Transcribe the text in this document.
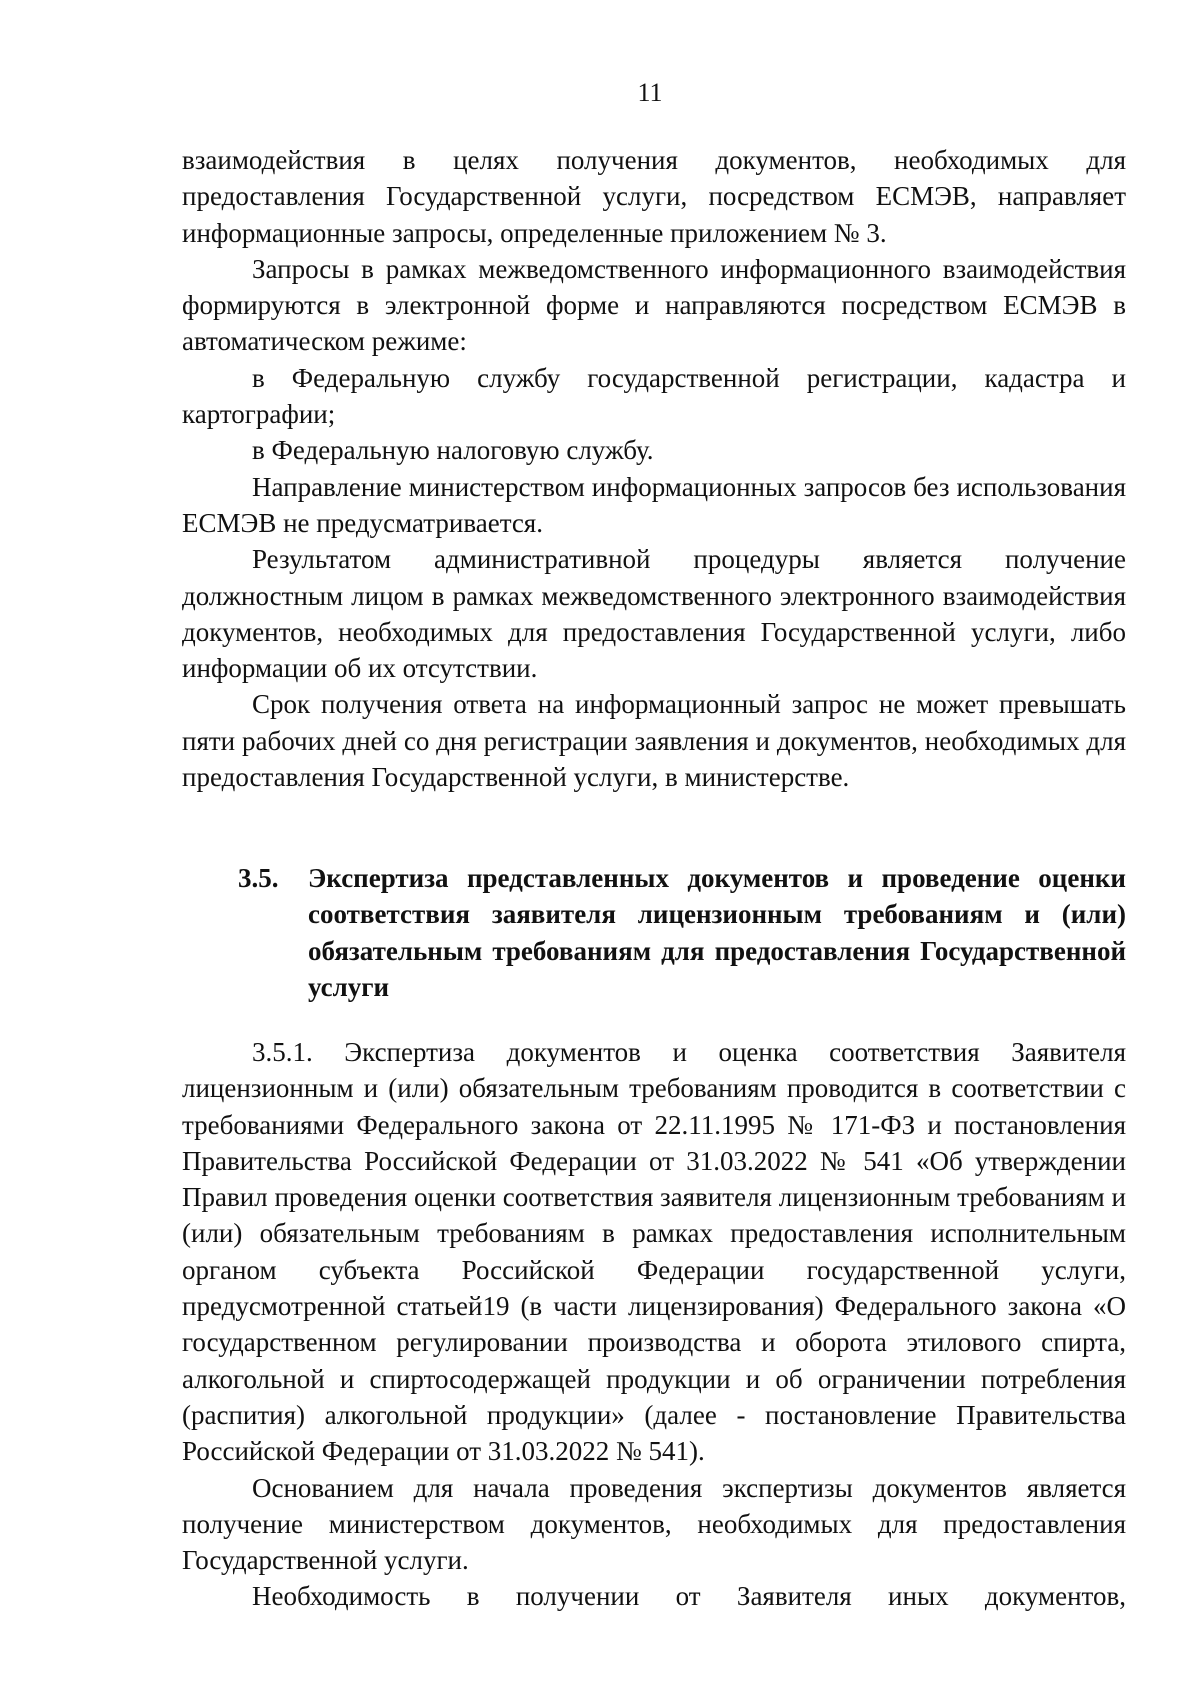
11

взаимодействия в целях получения документов, необходимых для предоставления Государственной услуги, посредством ЕСМЭВ, направляет информационные запросы, определенные приложением № 3.

Запросы в рамках межведомственного информационного взаимодействия формируются в электронной форме и направляются посредством ЕСМЭВ в автоматическом режиме:

в Федеральную службу государственной регистрации, кадастра и картографии;

в Федеральную налоговую службу.

Направление министерством информационных запросов без использования ЕСМЭВ не предусматривается.

Результатом административной процедуры является получение должностным лицом в рамках межведомственного электронного взаимодействия документов, необходимых для предоставления Государственной услуги, либо информации об их отсутствии.

Срок получения ответа на информационный запрос не может превышать пяти рабочих дней со дня регистрации заявления и документов, необходимых для предоставления Государственной услуги, в министерстве.

3.5.	Экспертиза представленных документов и проведение оценки соответствия заявителя лицензионным требованиям и (или) обязательным требованиям для предоставления Государственной услуги

3.5.1. Экспертиза документов и оценка соответствия Заявителя лицензионным и (или) обязательным требованиям проводится в соответствии с требованиями Федерального закона от 22.11.1995 № 171-ФЗ и постановления Правительства Российской Федерации от 31.03.2022 № 541 «Об утверждении Правил проведения оценки соответствия заявителя лицензионным требованиям и (или) обязательным требованиям в рамках предоставления исполнительным органом субъекта Российской Федерации государственной услуги, предусмотренной статьей19 (в части лицензирования) Федерального закона «О государственном регулировании производства и оборота этилового спирта, алкогольной и спиртосодержащей продукции и об ограничении потребления (распития) алкогольной продукции» (далее - постановление Правительства Российской Федерации от 31.03.2022 № 541).

Основанием для начала проведения экспертизы документов является получение министерством документов, необходимых для предоставления Государственной услуги.

Необходимость в получении от Заявителя иных документов,
